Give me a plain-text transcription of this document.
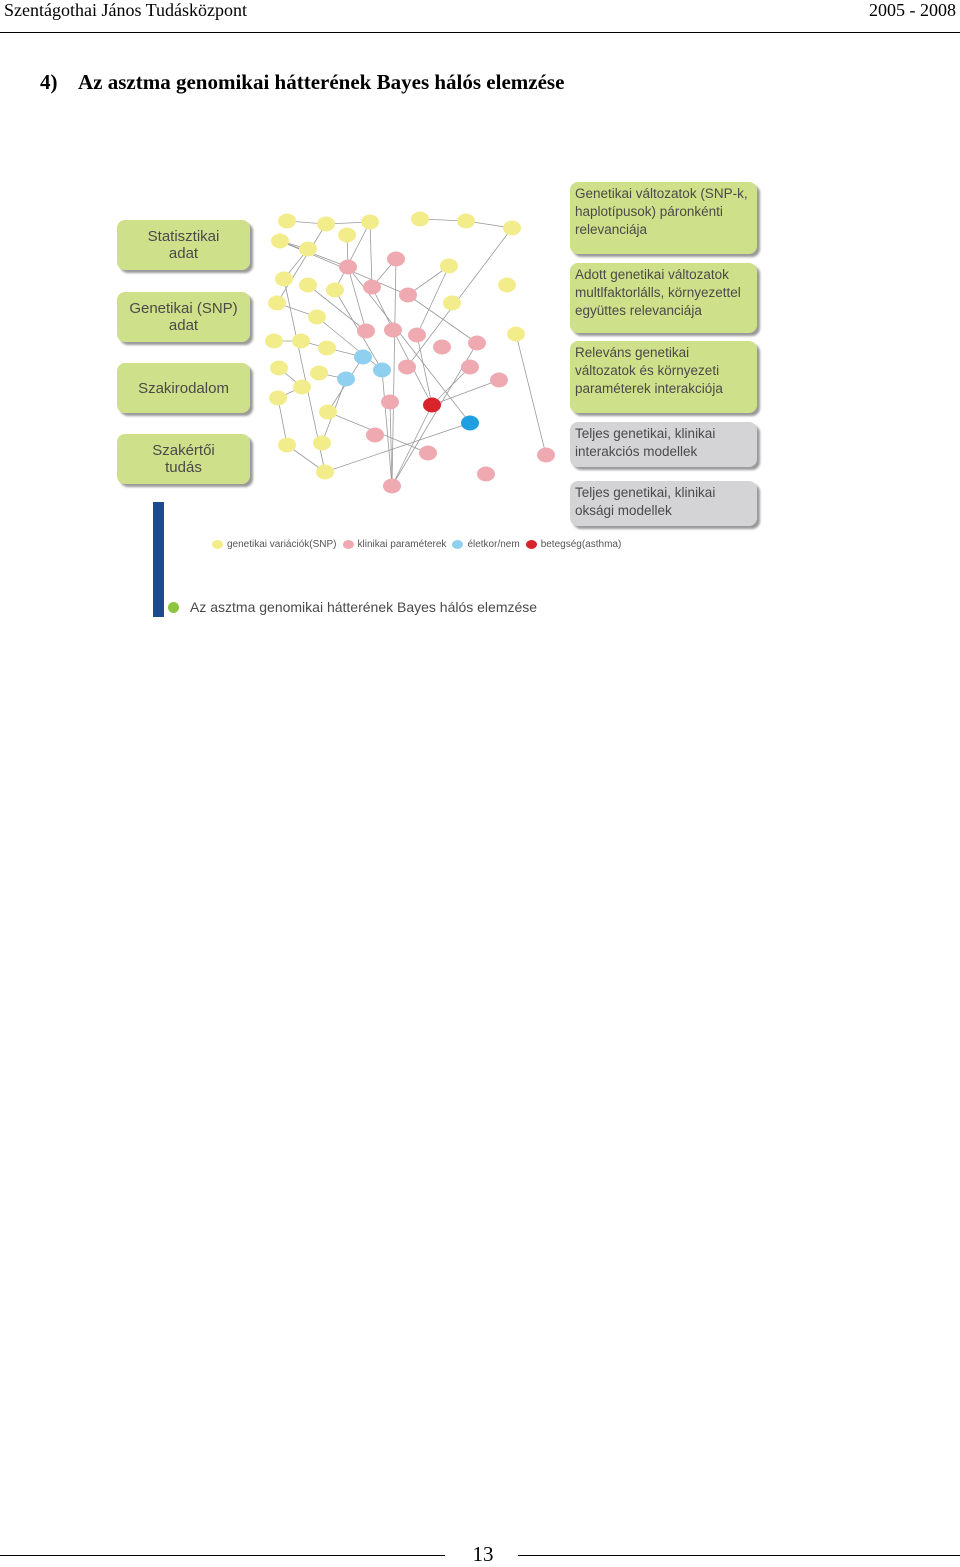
Szentágothai János Tudásközpont	2005 - 2008
4) Az asztma genomikai hátterének Bayes hálós elemzése
Statisztikai
adat
Genetikai (SNP)
adat
Szakirodalom
Szakértői
tudás
Genetikai változatok (SNP-k,
haplotípusok) páronkénti
relevanciája
Adott genetikai változatok
multlfaktorlálls, környezettel
együttes relevanciája
Releváns genetikai
változatok és környezeti
paraméterek interakciója
Teljes genetikai, klinikai
interakciós modellek
Teljes genetikai, klinikai
oksági modellek
genetikai variációk(SNP) klinikai paraméterek életkor/nem betegség(asthma)
Az asztma genomikai hátterének Bayes hálós elemzése
13
